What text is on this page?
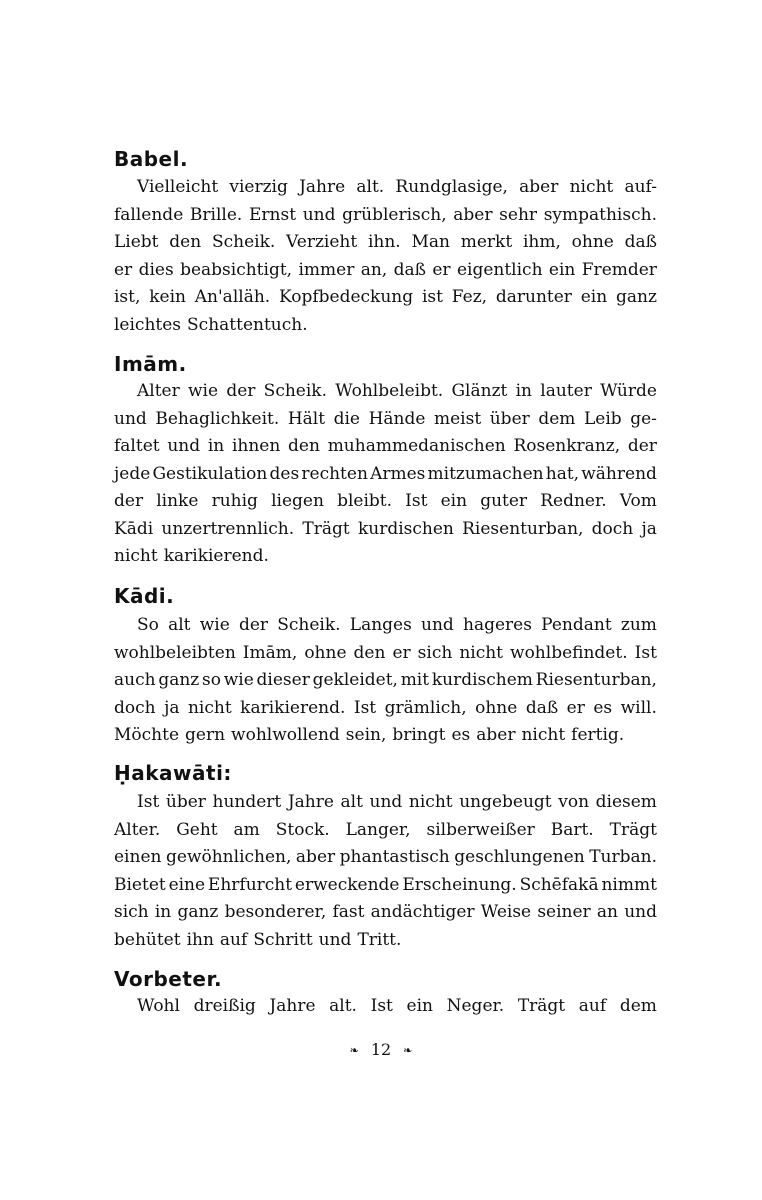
Babel.
Vielleicht vierzig Jahre alt. Rundglasige, aber nicht auf-
fallende Brille. Ernst und grüblerisch, aber sehr sympathisch.
Liebt den Scheik. Verzieht ihn. Man merkt ihm, ohne daß
er dies beabsichtigt, immer an, daß er eigentlich ein Fremder
ist, kein An'alläh. Kopfbedeckung ist Fez, darunter ein ganz
leichtes Schattentuch.
Imām.
Alter wie der Scheik. Wohlbeleibt. Glänzt in lauter Würde
und Behaglichkeit. Hält die Hände meist über dem Leib ge-
faltet und in ihnen den muhammedanischen Rosenkranz, der
jede Gestikulation des rechten Armes mitzumachen hat, während
der linke ruhig liegen bleibt. Ist ein guter Redner. Vom
Kādi unzertrennlich. Trägt kurdischen Riesenturban, doch ja
nicht karikierend.
Kādi.
So alt wie der Scheik. Langes und hageres Pendant zum
wohlbeleibten Imām, ohne den er sich nicht wohlbefindet. Ist
auch ganz so wie dieser gekleidet, mit kurdischem Riesenturban,
doch ja nicht karikierend. Ist grämlich, ohne daß er es will.
Möchte gern wohlwollend sein, bringt es aber nicht fertig.
Ḥakawāti:
Ist über hundert Jahre alt und nicht ungebeugt von diesem
Alter. Geht am Stock. Langer, silberweißer Bart. Trägt
einen gewöhnlichen, aber phantastisch geschlungenen Turban.
Bietet eine Ehrfurcht erweckende Erscheinung. Schēfakā nimmt
sich in ganz besonderer, fast andächtiger Weise seiner an und
behütet ihn auf Schritt und Tritt.
Vorbeter.
Wohl dreißig Jahre alt. Ist ein Neger. Trägt auf dem
❧ 12 ❧
